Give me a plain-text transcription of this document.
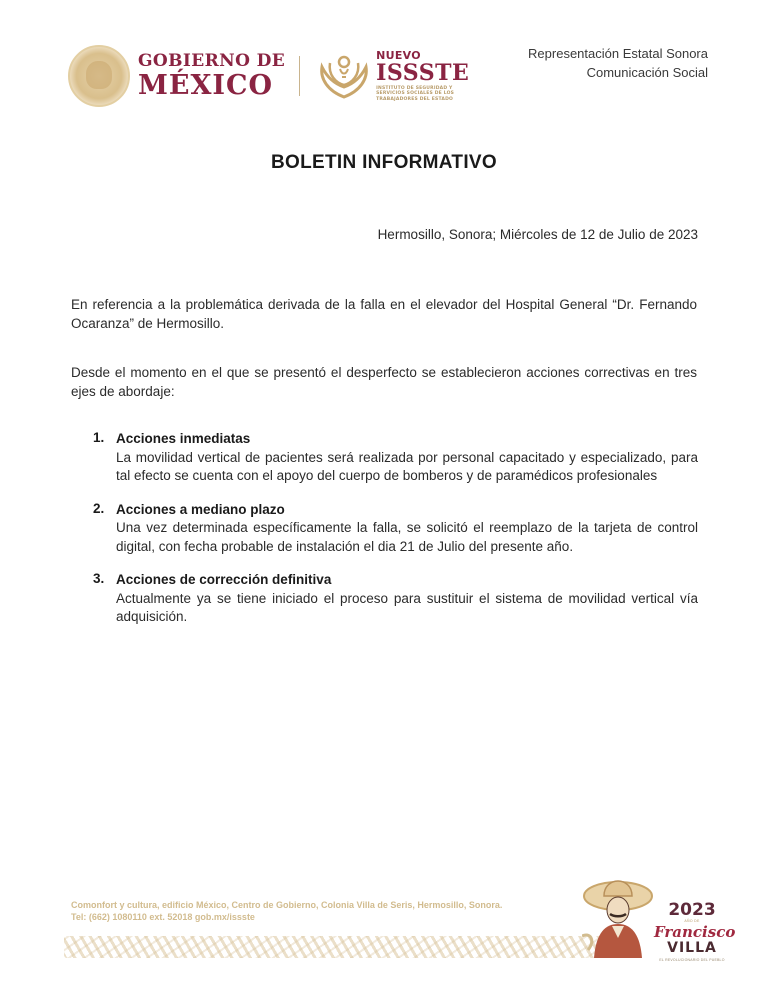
GOBIERNO DE
MÉXICO
NUEVO
ISSSTE
INSTITUTO DE SEGURIDAD Y SERVICIOS SOCIALES DE LOS TRABAJADORES DEL ESTADO
Representación Estatal Sonora
Comunicación Social
BOLETIN INFORMATIVO
Hermosillo, Sonora; Miércoles de 12 de Julio de 2023
En referencia a la problemática derivada de la falla en el elevador del Hospital General “Dr. Fernando Ocaranza” de Hermosillo.
Desde el momento en el que se presentó el desperfecto se establecieron acciones correctivas en tres ejes de abordaje:
1. Acciones inmediatas
La movilidad vertical de pacientes será realizada por personal capacitado y especializado, para tal efecto se cuenta con el apoyo del cuerpo de bomberos y de paramédicos profesionales
2. Acciones a mediano plazo
Una vez determinada específicamente la falla, se solicitó el reemplazo de la tarjeta de control digital, con fecha probable de instalación el dia 21 de Julio del presente año.
3. Acciones de corrección definitiva
Actualmente ya se tiene iniciado el proceso para sustituir el sistema de movilidad vertical vía adquisición.
Comonfort y cultura, edificio México, Centro de Gobierno, Colonia Villa de Seris, Hermosillo, Sonora.
Tel: (662) 1080110 ext. 52018 gob.mx/issste	2023
AÑO DE
Francisco
VILLA
EL REVOLUCIONARIO DEL PUEBLO
